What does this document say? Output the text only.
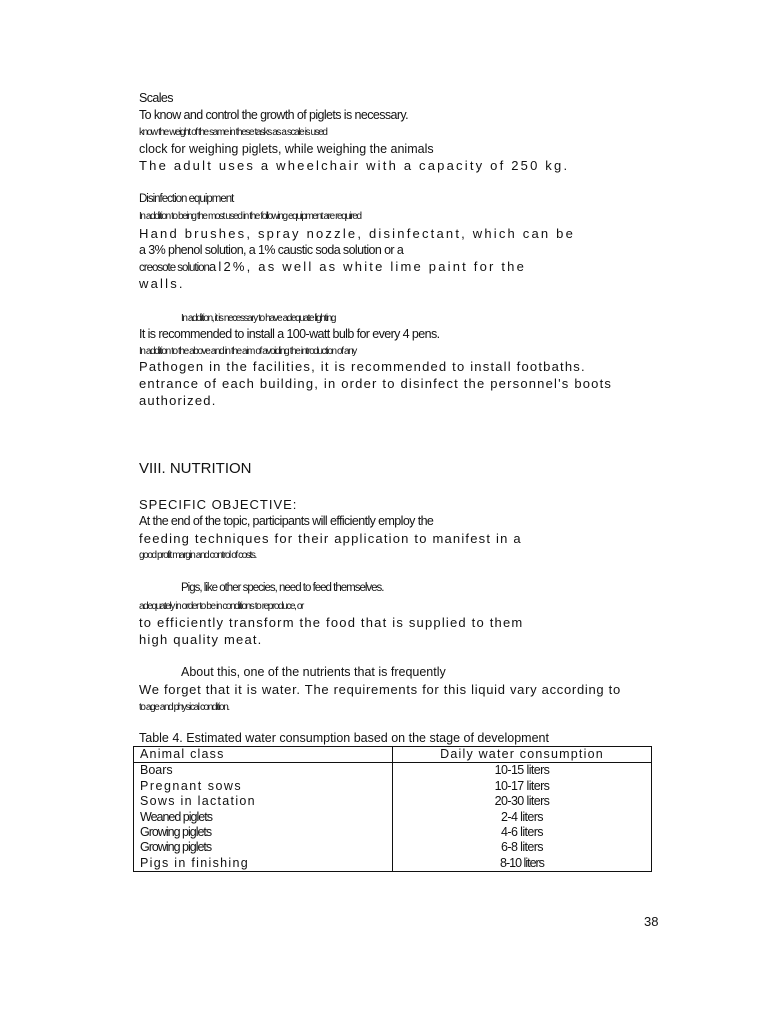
Scales
To know and control the growth of piglets is necessary.
know the weight of the same in these tasks as a scale is used
clock for weighing piglets, while weighing the animals
The adult uses a wheelchair with a capacity of 250 kg.
Disinfection equipment
In addition to being the most used in the following equipment are required
Hand brushes, spray nozzle, disinfectant, which can be
a 3% phenol solution, a 1% caustic soda solution or a
creosote solutional2%, as well as white lime paint for the
walls.
In addition, it is necessary to have adequate lighting
It is recommended to install a 100-watt bulb for every 4 pens.
In addition to the above and in the aim of avoiding the introduction of any
Pathogen in the facilities, it is recommended to install footbaths.
entrance of each building, in order to disinfect the personnel's boots
authorized.
VIII. NUTRITION
SPECIFIC OBJECTIVE:
At the end of the topic, participants will efficiently employ the
feeding techniques for their application to manifest in a
good profit margin and control of costs.
Pigs, like other species, need to feed themselves.
adequately in order to be in conditions to reproduce, or
to efficiently transform the food that is supplied to them
high quality meat.
About this, one of the nutrients that is frequently
We forget that it is water. The requirements for this liquid vary according to
to age and physical condition.
Table 4. Estimated water consumption based on the stage of development
Animal class	Daily water consumption
Boars	10-15 liters
Pregnant sows	10-17 liters
Sows in lactation	20-30 liters
Weaned piglets	2-4 liters
Growing piglets	4-6 liters
Growing piglets	6-8 liters
Pigs in finishing	8-10 liters
38
